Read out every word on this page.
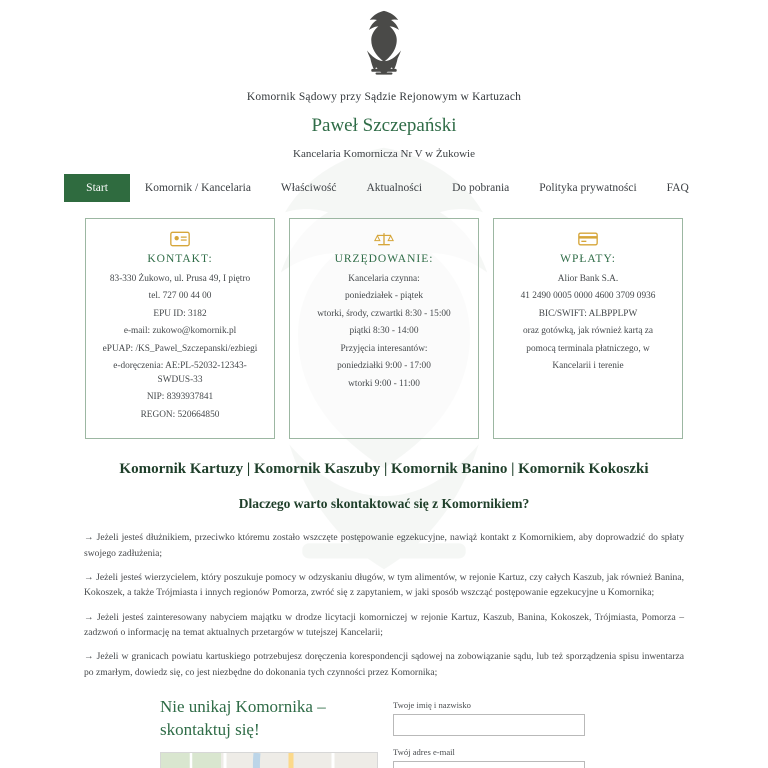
Komornik Sądowy przy Sądzie Rejonowym w Kartuzach
Paweł Szczepański
Kancelaria Komornicza Nr V w Żukowie
Start	Komornik / Kancelaria	Właściwość	Aktualności	Do pobrania	Polityka prywatności	FAQ
KONTAKT:

83-330 Żukowo, ul. Prusa 49, I piętro

tel. 727 00 44 00

EPU ID: 3182

e-mail: zukowo@komornik.pl

ePUAP: /KS_Pawel_Szczepanski/ezbiegi

e-doręczenia: AE:PL-52032-12343-SWDUS-33

NIP: 8393937841

REGON: 520664850

URZĘDOWANIE:

Kancelaria czynna:

poniedziałek - piątek

wtorki, środy, czwartki 8:30 - 15:00

piątki 8:30 - 14:00

Przyjęcia interesantów:

poniedziałki 9:00 - 17:00

wtorki 9:00 - 11:00

WPŁATY:

Alior Bank S.A.

41 2490 0005 0000 4600 3709 0936

BIC/SWIFT: ALBPPLPW

oraz gotówką, jak również kartą za

pomocą terminala płatniczego, w

Kancelarii i terenie

Komornik Kartuzy | Komornik Kaszuby | Komornik Banino | Komornik Kokoszki
Dlaczego warto skontaktować się z Komornikiem?

→ Jeżeli jesteś dłużnikiem, przeciwko któremu zostało wszczęte postępowanie egzekucyjne, nawiąż kontakt z Komornikiem, aby doprowadzić do spłaty swojego zadłużenia;

→ Jeżeli jesteś wierzycielem, który poszukuje pomocy w odzyskaniu długów, w tym alimentów, w rejonie Kartuz, czy całych Kaszub, jak również Banina, Kokoszek, a także Trójmiasta i innych regionów Pomorza, zwróć się z zapytaniem, w jaki sposób wszcząć postępowanie egzekucyjne u Komornika;

→ Jeżeli jesteś zainteresowany nabyciem majątku w drodze licytacji komorniczej w rejonie Kartuz, Kaszub, Banina, Kokoszek, Trójmiasta, Pomorza – zadzwoń o informację na temat aktualnych przetargów w tutejszej Kancelarii;

→ Jeżeli w granicach powiatu kartuskiego potrzebujesz doręczenia korespondencji sądowej na zobowiązanie sądu, lub też sporządzenia spisu inwentarza po zmarłym, dowiedz się, co jest niezbędne do dokonania tych czynności przez Komornika;

Nie unikaj Komornika –
skontaktuj się!
Twoje imię i nazwisko
Twój adres e-mail
